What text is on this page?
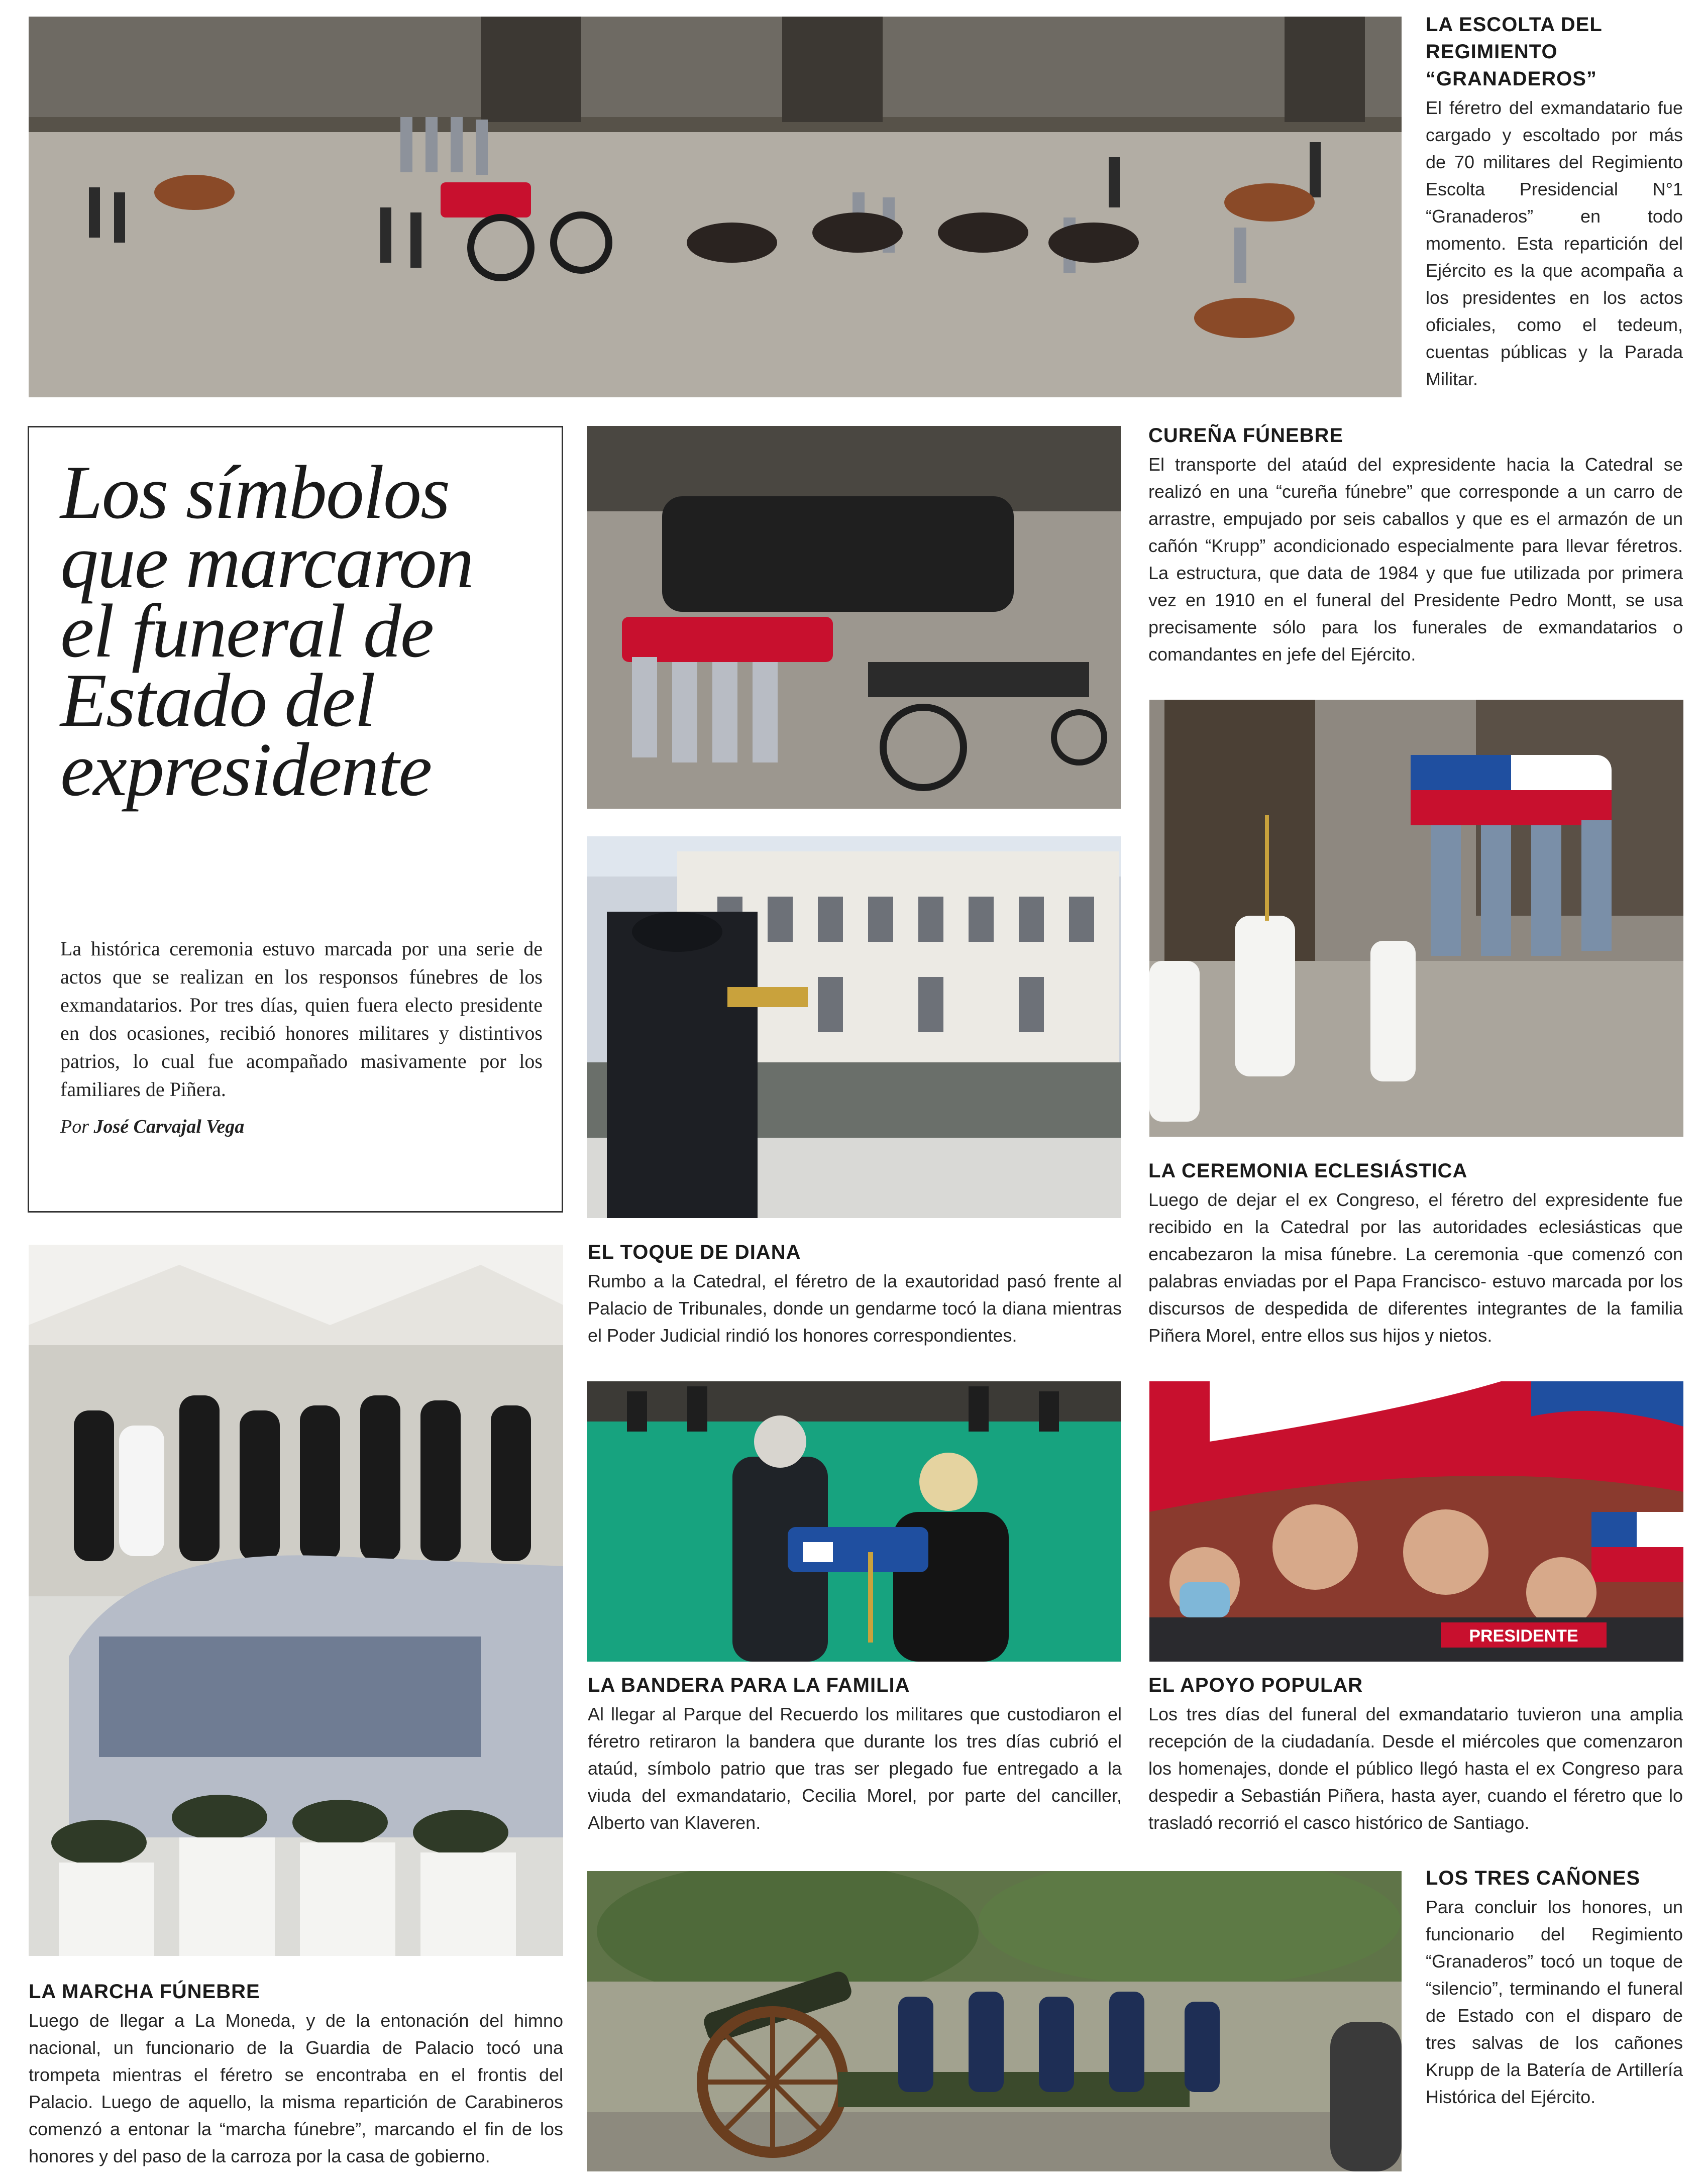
LA ESCOLTA DEL REGIMIENTO “GRANADEROS”
El féretro del exmandatario fue cargado y escoltado por más de 70 militares del Regimiento Escolta Presidencial N°1 “Granaderos” en todo momento. Esta repartición del Ejército es la que acompaña a los presidentes en los actos oficiales, como el tedeum, cuentas públicas y la Parada Militar.
Los símbolos que marcaron el funeral de Estado del expresidente
La histórica ceremonia estuvo marcada por una serie de actos que se realizan en los responsos fúnebres de los exmandatarios. Por tres días, quien fuera electo presidente en dos ocasiones, recibió honores militares y distintivos patrios, lo cual fue acompañado masivamente por los familiares de Piñera.
Por José Carvajal Vega
CUREÑA FÚNEBRE
El transporte del ataúd del expresidente hacia la Catedral se realizó en una “cureña fúnebre” que corresponde a un carro de arrastre, empujado por seis caballos y que es el armazón de un cañón “Krupp” acondicionado especialmente para llevar féretros. La estructura, que data de 1984 y que fue utilizada por primera vez en 1910 en el funeral del Presidente Pedro Montt, se usa precisamente sólo para los funerales de exmandatarios o comandantes en jefe del Ejército.
EL TOQUE DE DIANA
Rumbo a la Catedral, el féretro de la exautoridad pasó frente al Palacio de Tribunales, donde un gendarme tocó la diana mientras el Poder Judicial rindió los honores correspondientes.
LA CEREMONIA ECLESIÁSTICA
Luego de dejar el ex Congreso, el féretro del expresidente fue recibido en la Catedral por las autoridades eclesiásticas que encabezaron la misa fúnebre. La ceremonia -que comenzó con palabras enviadas por el Papa Francisco- estuvo marcada por los discursos de despedida de diferentes integrantes de la familia Piñera Morel, entre ellos sus hijos y nietos.
LA MARCHA FÚNEBRE
Luego de llegar a La Moneda, y de la entonación del himno nacional, un funcionario de la Guardia de Palacio tocó una trompeta mientras el féretro se encontraba en el frontis del Palacio. Luego de aquello, la misma repartición de Carabineros comenzó a entonar la “marcha fúnebre”, marcando el fin de los honores y del paso de la carroza por la casa de gobierno.
LA BANDERA PARA LA FAMILIA
Al llegar al Parque del Recuerdo los militares que custodiaron el féretro retiraron la bandera que durante los tres días cubrió el ataúd, símbolo patrio que tras ser plegado fue entregado a la viuda del exmandatario, Cecilia Morel, por parte del canciller, Alberto van Klaveren.
PRESIDENTE
EL APOYO POPULAR
Los tres días del funeral del exmandatario tuvieron una amplia recepción de la ciudadanía. Desde el miércoles que comenzaron los homenajes, donde el público llegó hasta el ex Congreso para despedir a Sebastián Piñera, hasta ayer, cuando el féretro que lo trasladó recorrió el casco histórico de Santiago.
LOS TRES CAÑONES
Para concluir los honores, un funcionario del Regimiento “Granaderos” tocó un toque de “silencio”, terminando el funeral de Estado con el disparo de tres salvas de los cañones Krupp de la Batería de Artillería Histórica del Ejército.
